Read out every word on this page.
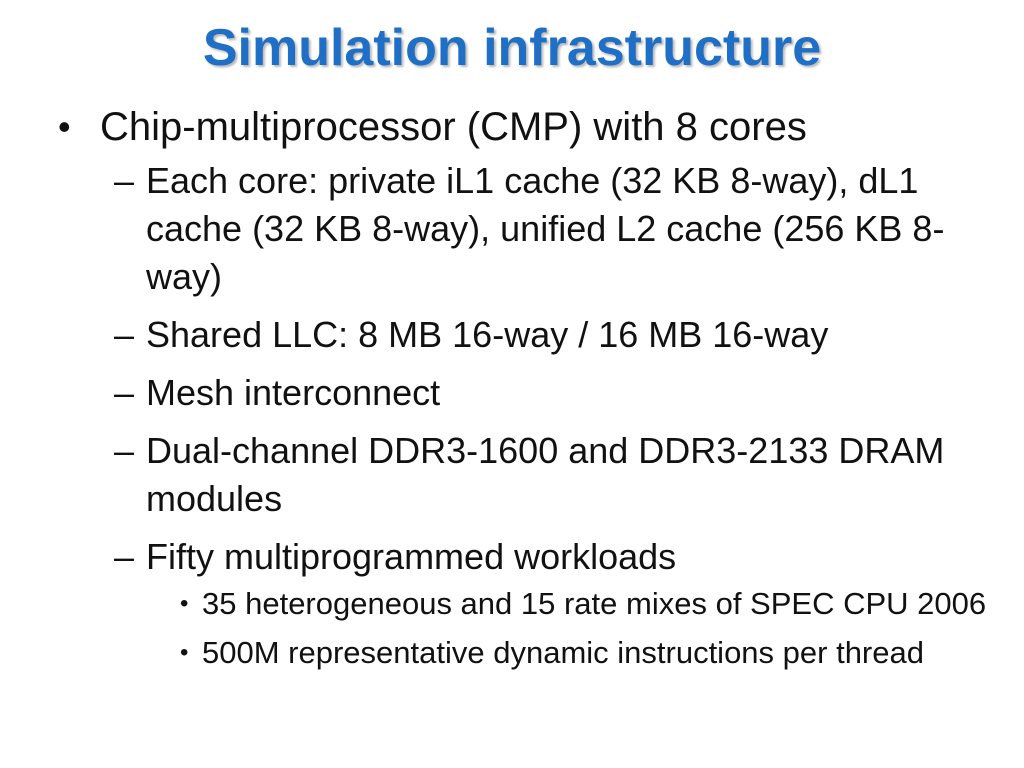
Simulation infrastructure
• Chip-multiprocessor (CMP) with 8 cores
– Each core: private iL1 cache (32 KB 8-way), dL1 cache (32 KB 8-way), unified L2 cache (256 KB 8-way)
– Shared LLC: 8 MB 16-way / 16 MB 16-way
– Mesh interconnect
– Dual-channel DDR3-1600 and DDR3-2133 DRAM modules
– Fifty multiprogrammed workloads
• 35 heterogeneous and 15 rate mixes of SPEC CPU 2006
• 500M representative dynamic instructions per thread
